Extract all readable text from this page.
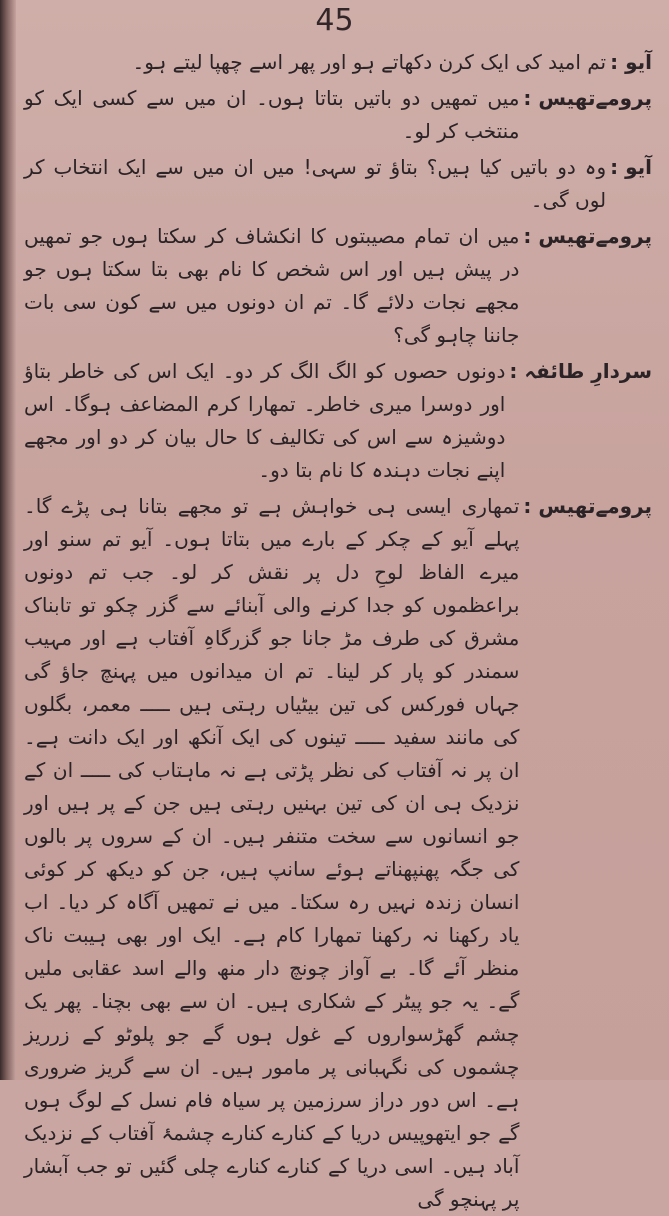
45
آیو :
تم امید کی ایک کرن دکھاتے ہو اور پھر اسے چھپا لیتے ہو۔
پرومےتھیس :
میں تمھیں دو باتیں بتاتا ہوں۔ ان میں سے کسی ایک کو منتخب کر لو۔
آیو :
وہ دو باتیں کیا ہیں؟ بتاؤ تو سہی! میں ان میں سے ایک انتخاب کر لوں گی۔
پرومےتھیس :
میں ان تمام مصیبتوں کا انکشاف کر سکتا ہوں جو تمھیں در پیش ہیں اور اس شخص کا نام بھی بتا سکتا ہوں جو مجھے نجات دلائے گا۔ تم ان دونوں میں سے کون سی بات جاننا چاہو گی؟
سردارِ طائفہ :
دونوں حصوں کو الگ الگ کر دو۔ ایک اس کی خاطر بتاؤ اور دوسرا میری خاطر۔ تمھارا کرم المضاعف ہوگا۔ اس دوشیزہ سے اس کی تکالیف کا حال بیان کر دو اور مجھے اپنے نجات دہندہ کا نام بتا دو۔
پرومےتھیس :
تمھاری ایسی ہی خواہش ہے تو مجھے بتانا ہی پڑے گا۔ پہلے آیو کے چکر کے بارے میں بتاتا ہوں۔ آیو تم سنو اور میرے الفاظ لوحِ دل پر نقش کر لو۔ جب تم دونوں براعظموں کو جدا کرنے والی آبنائے سے گزر چکو تو تابناک مشرق کی طرف مڑ جانا جو گزرگاہِ آفتاب ہے اور مہیب سمندر کو پار کر لینا۔ تم ان میدانوں میں پہنچ جاؤ گی جہاں فورکس کی تین بیٹیاں رہتی ہیں ـــــ معمر، بگلوں کی مانند سفید ـــــ تینوں کی ایک آنکھ اور ایک دانت ہے۔ ان پر نہ آفتاب کی نظر پڑتی ہے نہ ماہتاب کی ـــــ ان کے نزدیک ہی ان کی تین بہنیں رہتی ہیں جن کے پر ہیں اور جو انسانوں سے سخت متنفر ہیں۔ ان کے سروں پر بالوں کی جگہ پھنپھناتے ہوئے سانپ ہیں، جن کو دیکھ کر کوئی انسان زندہ نہیں رہ سکتا۔ میں نے تمھیں آگاہ کر دیا۔ اب یاد رکھنا نہ رکھنا تمھارا کام ہے۔ ایک اور بھی ہیبت ناک منظر آئے گا۔ بے آواز چونچ دار منھ والے اسد عقابی ملیں گے۔ یہ جو پیٹر کے شکاری ہیں۔ ان سے بھی بچنا۔ پھر یک چشم گھڑسواروں کے غول ہوں گے جو پلوٹو کے زرریز چشموں کی نگہبانی پر مامور ہیں۔ ان سے گریز ضروری ہے۔ اس دور دراز سرزمین پر سیاہ فام نسل کے لوگ ہوں گے جو ایتھوپیس دریا کے کنارے کنارے چشمۂ آفتاب کے نزدیک آباد ہیں۔ اسی دریا کے کنارے کنارے چلی گئیں تو جب آبشار پر پہنچو گی
